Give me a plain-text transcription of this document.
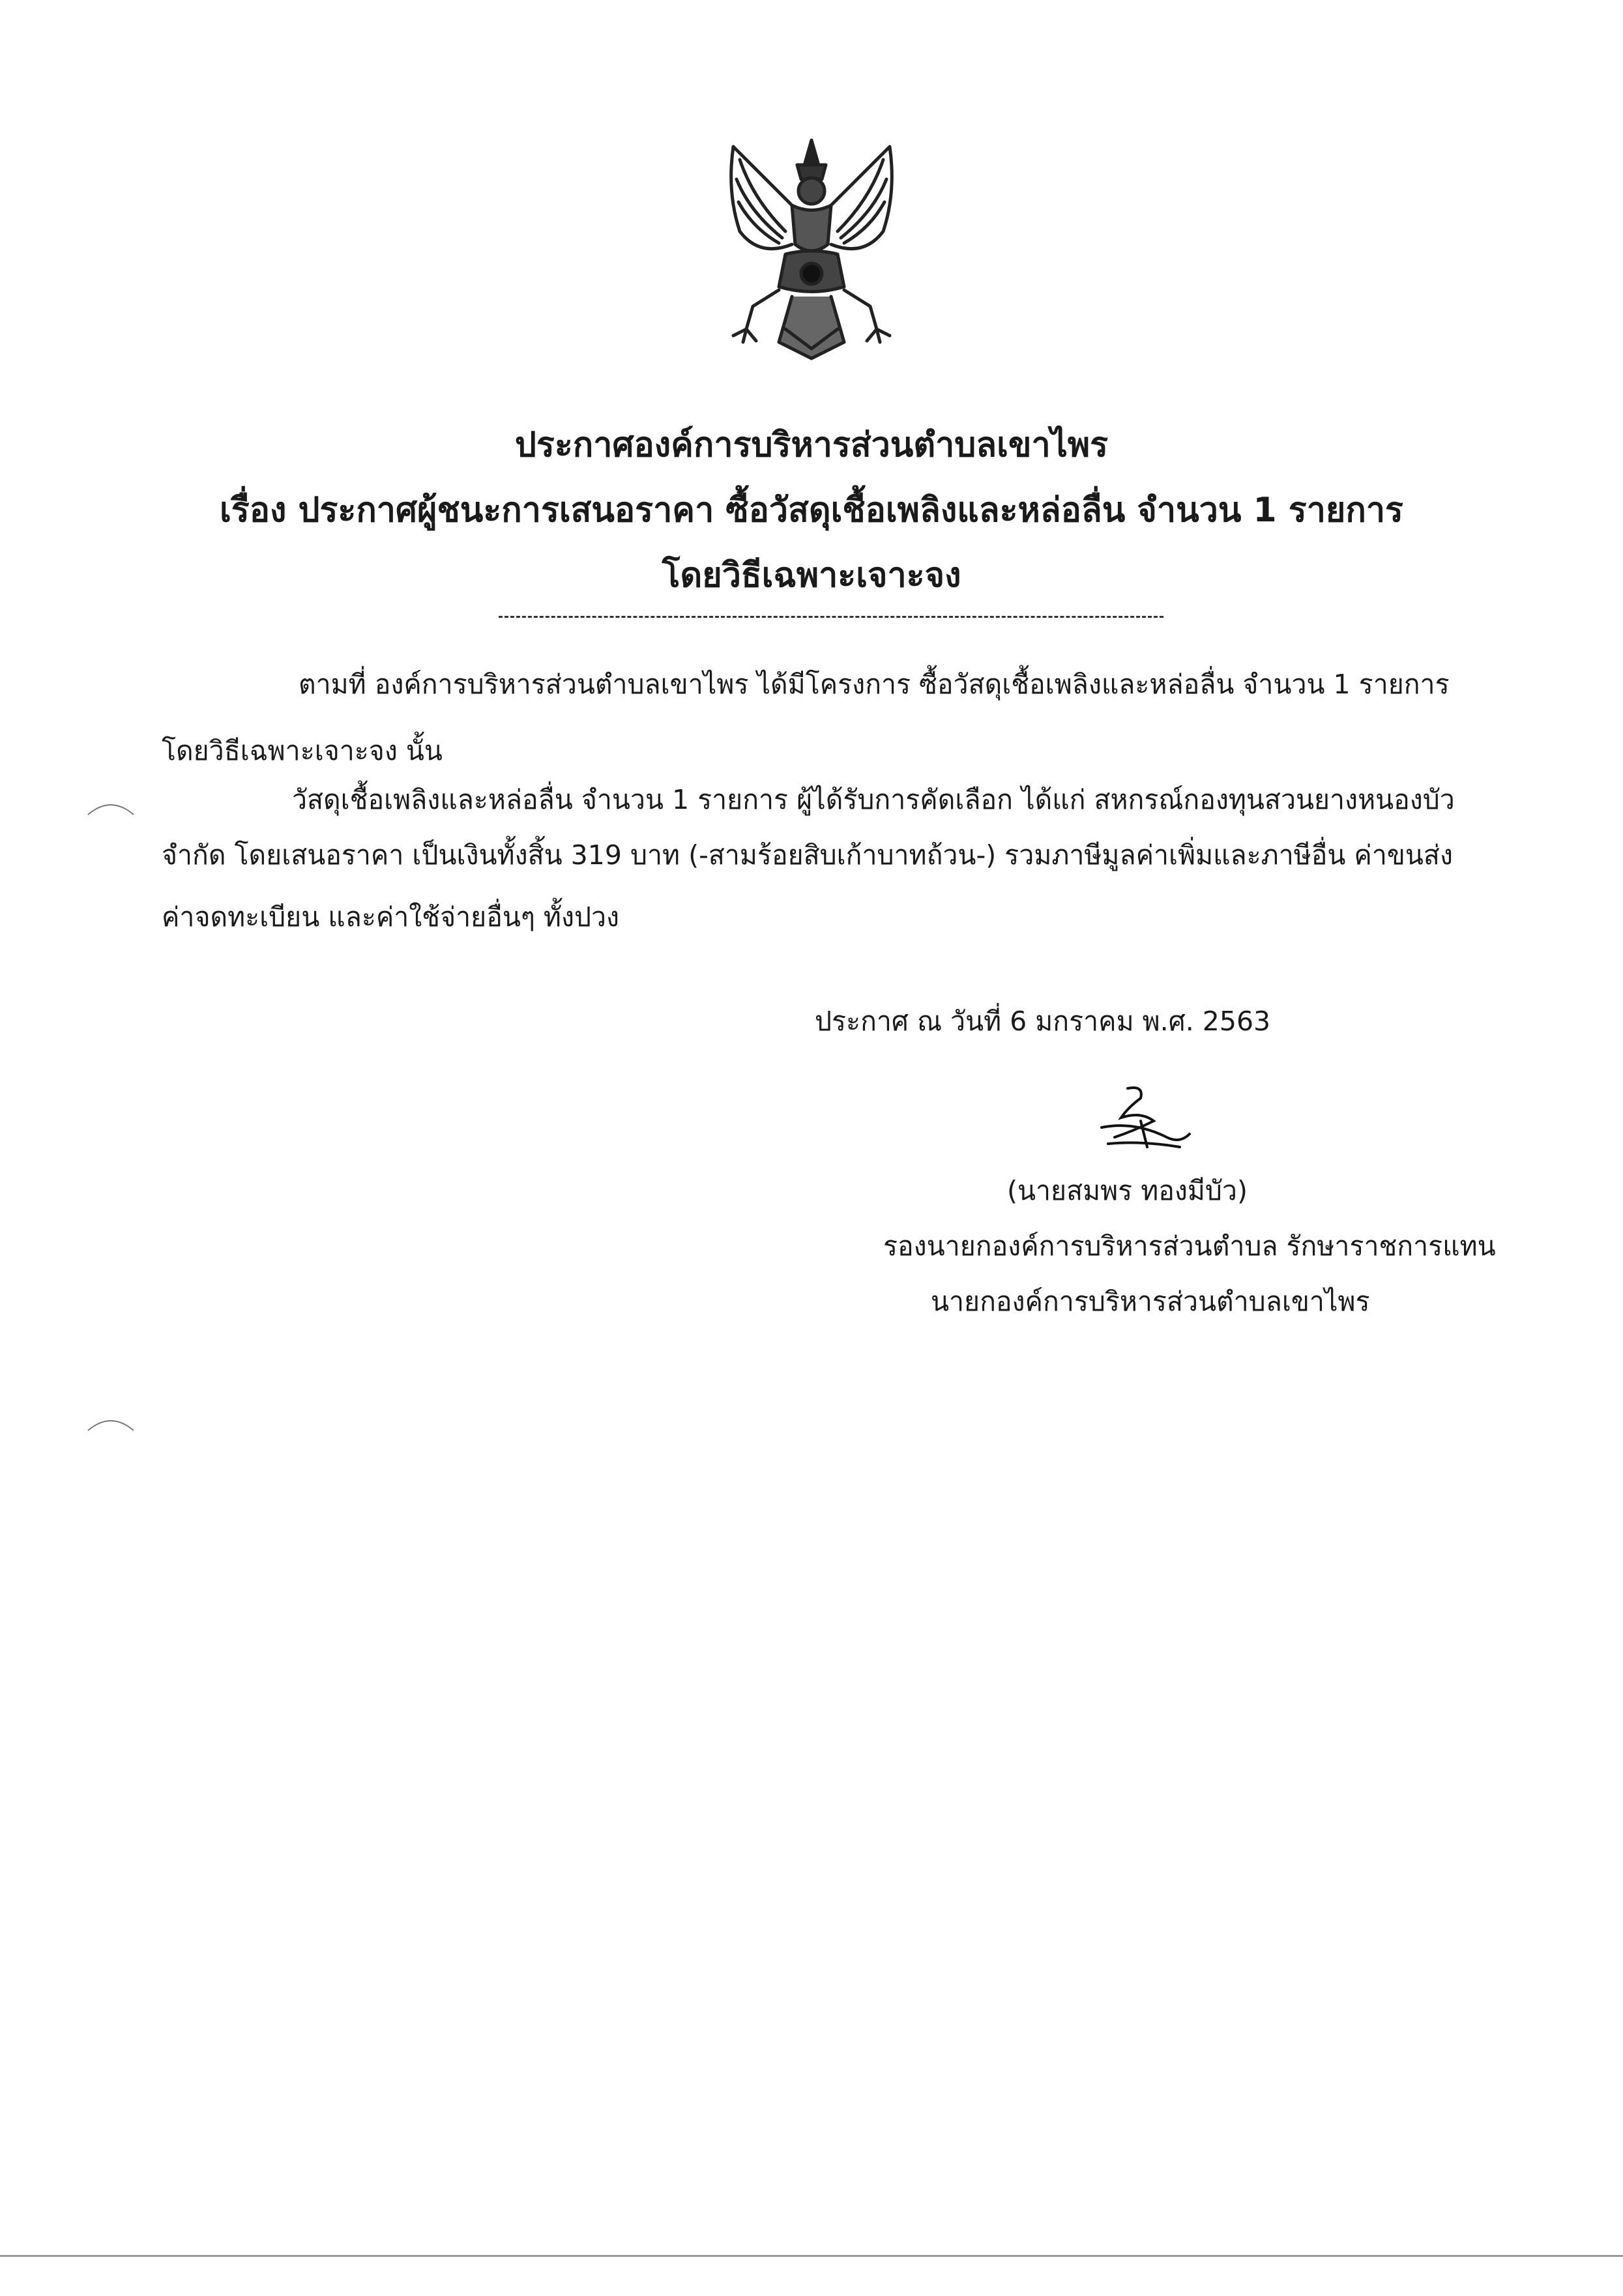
ประกาศองค์การบริหารส่วนตำบลเขาไพร
เรื่อง ประกาศผู้ชนะการเสนอราคา ซื้อวัสดุเชื้อเพลิงและหล่อลื่น จำนวน 1 รายการ
โดยวิธีเฉพาะเจาะจง
ตามที่ องค์การบริหารส่วนตำบลเขาไพร ได้มีโครงการ ซื้อวัสดุเชื้อเพลิงและหล่อลื่น จำนวน 1 รายการ
โดยวิธีเฉพาะเจาะจง นั้น
วัสดุเชื้อเพลิงและหล่อลื่น จำนวน 1 รายการ ผู้ได้รับการคัดเลือก ได้แก่ สหกรณ์กองทุนสวนยางหนองบัว
จำกัด โดยเสนอราคา เป็นเงินทั้งสิ้น 319 บาท (-สามร้อยสิบเก้าบาทถ้วน-) รวมภาษีมูลค่าเพิ่มและภาษีอื่น ค่าขนส่ง
ค่าจดทะเบียน และค่าใช้จ่ายอื่นๆ ทั้งปวง
ประกาศ ณ วันที่ 6 มกราคม พ.ศ. 2563
(นายสมพร ทองมีบัว)
รองนายกองค์การบริหารส่วนตำบล รักษาราชการแทน
นายกองค์การบริหารส่วนตำบลเขาไพร
